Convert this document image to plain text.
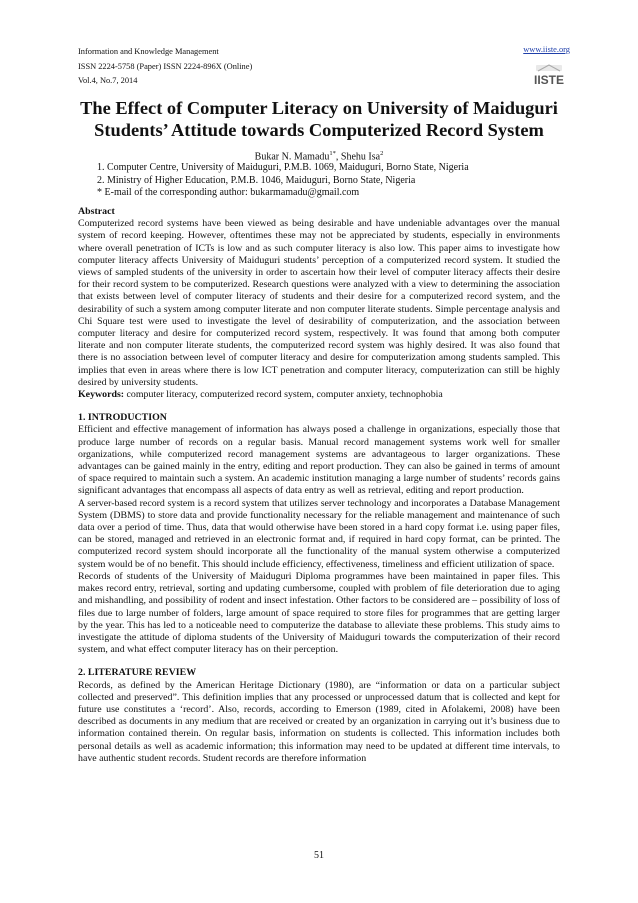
Information and Knowledge Management
ISSN 2224-5758 (Paper) ISSN 2224-896X (Online)
Vol.4, No.7, 2014
www.iiste.org
IISTE
The Effect of Computer Literacy on University of Maiduguri Students’ Attitude towards Computerized Record System
Bukar N. Mamadu$^{1*}$, Shehu Isa$^2$
1. Computer Centre, University of Maiduguri, P.M.B. 1069, Maiduguri, Borno State, Nigeria
2. Ministry of Higher Education, P.M.B. 1046, Maiduguri, Borno State, Nigeria
* E-mail of the corresponding author: bukarmamadu@gmail.com

Abstract

Computerized record systems have been viewed as being desirable and have undeniable advantages over the manual system of record keeping. However, oftentimes these may not be appreciated by students, especially in environments where overall penetration of ICTs is low and as such computer literacy is also low. This paper aims to investigate how computer literacy affects University of Maiduguri students’ perception of a computerized record system. It studied the views of sampled students of the university in order to ascertain how their level of computer literacy affects their desire for their record system to be computerized. Research questions were analyzed with a view to determining the association that exists between level of computer literacy of students and their desire for a computerized record system, and the desirability of such a system among computer literate and non computer literate students. Simple percentage analysis and Chi Square test were used to investigate the level of desirability of computerization, and the association between computer literacy and desire for computerized record system, respectively. It was found that among both computer literate and non computer literate students, the computerized record system was highly desired. It was also found that there is no association between level of computer literacy and desire for computerization among students sampled. This implies that even in areas where there is low ICT penetration and computer literacy, computerization can still be highly desired by university students.

Keywords: computer literacy, computerized record system, computer anxiety, technophobia

1. INTRODUCTION

Efficient and effective management of information has always posed a challenge in organizations, especially those that produce large number of records on a regular basis. Manual record management systems work well for smaller organizations, while computerized record management systems are advantageous to larger organizations. These advantages can be gained mainly in the entry, editing and report production. They can also be gained in terms of amount of space required to maintain such a system. An academic institution managing a large number of students’ records gains significant advantages that encompass all aspects of data entry as well as retrieval, editing and report production.

A server-based record system is a record system that utilizes server technology and incorporates a Database Management System (DBMS) to store data and provide functionality necessary for the reliable management and maintenance of such data over a period of time. Thus, data that would otherwise have been stored in a hard copy format i.e. using paper files, can be stored, managed and retrieved in an electronic format and, if required in hard copy format, can be printed. The computerized record system should incorporate all the functionality of the manual system otherwise a computerized system would be of no benefit. This should include efficiency, effectiveness, timeliness and efficient utilization of space.

Records of students of the University of Maiduguri Diploma programmes have been maintained in paper files. This makes record entry, retrieval, sorting and updating cumbersome, coupled with problem of file deterioration due to aging and mishandling, and possibility of rodent and insect infestation. Other factors to be considered are – possibility of loss of files due to large number of folders, large amount of space required to store files for programmes that are getting larger by the year. This has led to a noticeable need to computerize the database to alleviate these problems. This study aims to investigate the attitude of diploma students of the University of Maiduguri towards the computerization of their record system, and what effect computer literacy has on their perception.

2. LITERATURE REVIEW

Records, as defined by the American Heritage Dictionary (1980), are “information or data on a particular subject collected and preserved”. This definition implies that any processed or unprocessed datum that is collected and kept for future use constitutes a ‘record’. Also, records, according to Emerson (1989, cited in Afolakemi, 2008) have been described as documents in any medium that are received or created by an organization in carrying out it’s business due to information contained therein. On regular basis, information on students is collected. This information includes both personal details as well as academic information; this information may need to be updated at different time intervals, to have authentic student records. Student records are therefore information

51
